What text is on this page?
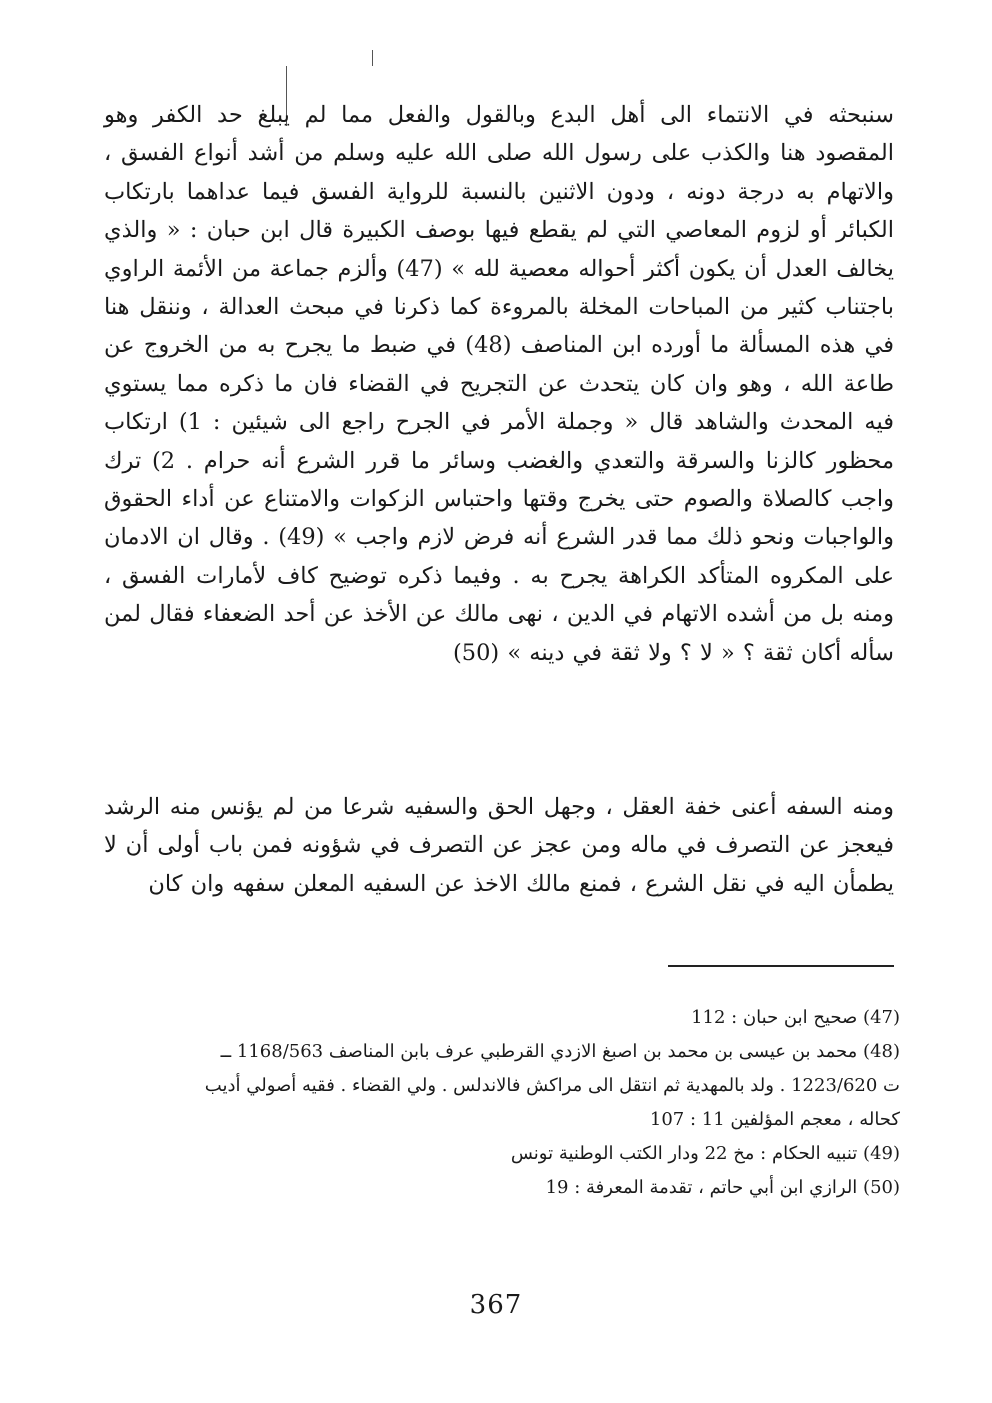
سنبحثه في الانتماء الى أهل البدع وبالقول والفعل مما لم يبلغ حد الكفر وهو المقصود هنا والكذب على رسول الله صلى الله عليه وسلم من أشد أنواع الفسق ، والاتهام به درجة دونه ، ودون الاثنين بالنسبة للرواية الفسق فيما عداهما بارتكاب الكبائر أو لزوم المعاصي التي لم يقطع فيها بوصف الكبيرة قال ابن حبان : « والذي يخالف العدل أن يكون أكثر أحواله معصية لله » (47) وألزم جماعة من الأئمة الراوي باجتناب كثير من المباحات المخلة بالمروءة كما ذكرنا في مبحث العدالة ، وننقل هنا في هذه المسألة ما أورده ابن المناصف (48) في ضبط ما يجرح به من الخروج عن طاعة الله ، وهو وان كان يتحدث عن التجريح في القضاء فان ما ذكره مما يستوي فيه المحدث والشاهد قال « وجملة الأمر في الجرح راجع الى شيئين : 1) ارتكاب محظور كالزنا والسرقة والتعدي والغضب وسائر ما قرر الشرع أنه حرام . 2) ترك واجب كالصلاة والصوم حتى يخرج وقتها واحتباس الزكوات والامتناع عن أداء الحقوق والواجبات ونحو ذلك مما قدر الشرع أنه فرض لازم واجب » (49) . وقال ان الادمان على المكروه المتأكد الكراهة يجرح به . وفيما ذكره توضيح كاف لأمارات الفسق ، ومنه بل من أشده الاتهام في الدين ، نهى مالك عن الأخذ عن أحد الضعفاء فقال لمن سأله أكان ثقة ؟ « لا ؟ ولا ثقة في دينه » (50)

ومنه السفه أعنى خفة العقل ، وجهل الحق والسفيه شرعا من لم يؤنس منه الرشد فيعجز عن التصرف في ماله ومن عجز عن التصرف في شؤونه فمن باب أولى أن لا يطمأن اليه في نقل الشرع ، فمنع مالك الاخذ عن السفيه المعلن سفهه وان كان

(47) صحيح ابن حبان : 112

(48) محمد بن عيسى بن محمد بن اصبغ الازدي القرطبي عرف بابن المناصف 1168/563 ــ

ت 1223/620 . ولد بالمهدية ثم انتقل الى مراكش فالاندلس . ولي القضاء . فقيه أصولي أديب

كحاله ، معجم المؤلفين 11 : 107

(49) تنبيه الحكام : مخ 22 ودار الكتب الوطنية تونس

(50) الرازي ابن أبي حاتم ، تقدمة المعرفة : 19

367
